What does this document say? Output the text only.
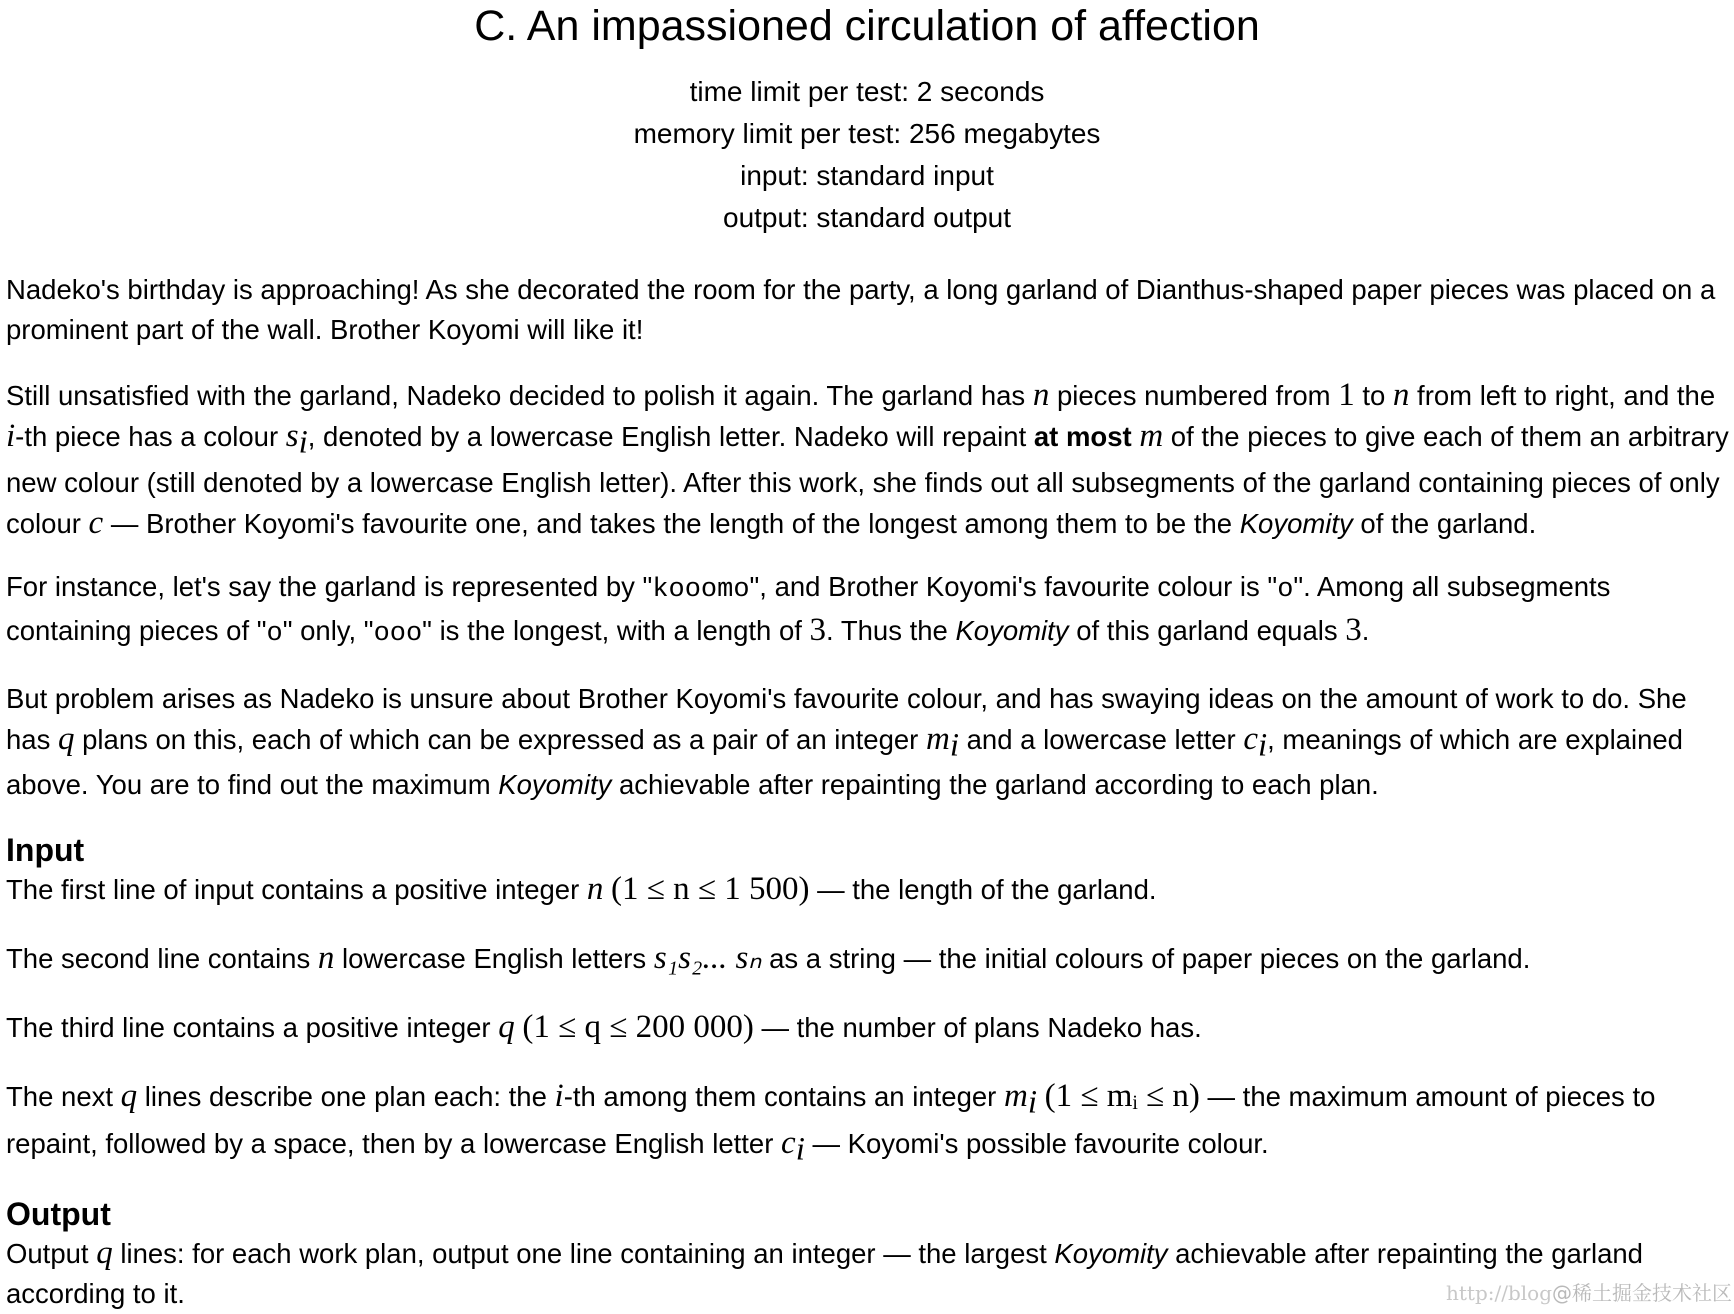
C. An impassioned circulation of affection
time limit per test: 2 seconds
memory limit per test: 256 megabytes
input: standard input
output: standard output

Nadeko's birthday is approaching! As she decorated the room for the party, a long garland of Dianthus-shaped paper pieces was placed on a prominent part of the wall. Brother Koyomi will like it!

Still unsatisfied with the garland, Nadeko decided to polish it again. The garland has n pieces numbered from 1 to n from left to right, and the i-th piece has a colour $s_i$, denoted by a lowercase English letter. Nadeko will repaint at most m of the pieces to give each of them an arbitrary new colour (still denoted by a lowercase English letter). After this work, she finds out all subsegments of the garland containing pieces of only colour c — Brother Koyomi's favourite one, and takes the length of the longest among them to be the Koyomity of the garland.

For instance, let's say the garland is represented by "kooomo", and Brother Koyomi's favourite colour is "o". Among all subsegments containing pieces of "o" only, "ooo" is the longest, with a length of 3. Thus the Koyomity of this garland equals 3.

But problem arises as Nadeko is unsure about Brother Koyomi's favourite colour, and has swaying ideas on the amount of work to do. She has q plans on this, each of which can be expressed as a pair of an integer $m_i$ and a lowercase letter $c_i$, meanings of which are explained above. You are to find out the maximum Koyomity achievable after repainting the garland according to each plan.

Input

The first line of input contains a positive integer n (1 ≤ n ≤ 1 500) — the length of the garland.

The second line contains n lowercase English letters s₁s₂... sₙ as a string — the initial colours of paper pieces on the garland.

The third line contains a positive integer q (1 ≤ q ≤ 200 000) — the number of plans Nadeko has.

The next q lines describe one plan each: the i-th among them contains an integer $m_i$ (1 ≤ mᵢ ≤ n) — the maximum amount of pieces to repaint, followed by a space, then by a lowercase English letter $c_i$ — Koyomi's possible favourite colour.

Output

Output q lines: for each work plan, output one line containing an integer — the largest Koyomity achievable after repainting the garland according to it.	http://blog@稀土掘金技术社区
